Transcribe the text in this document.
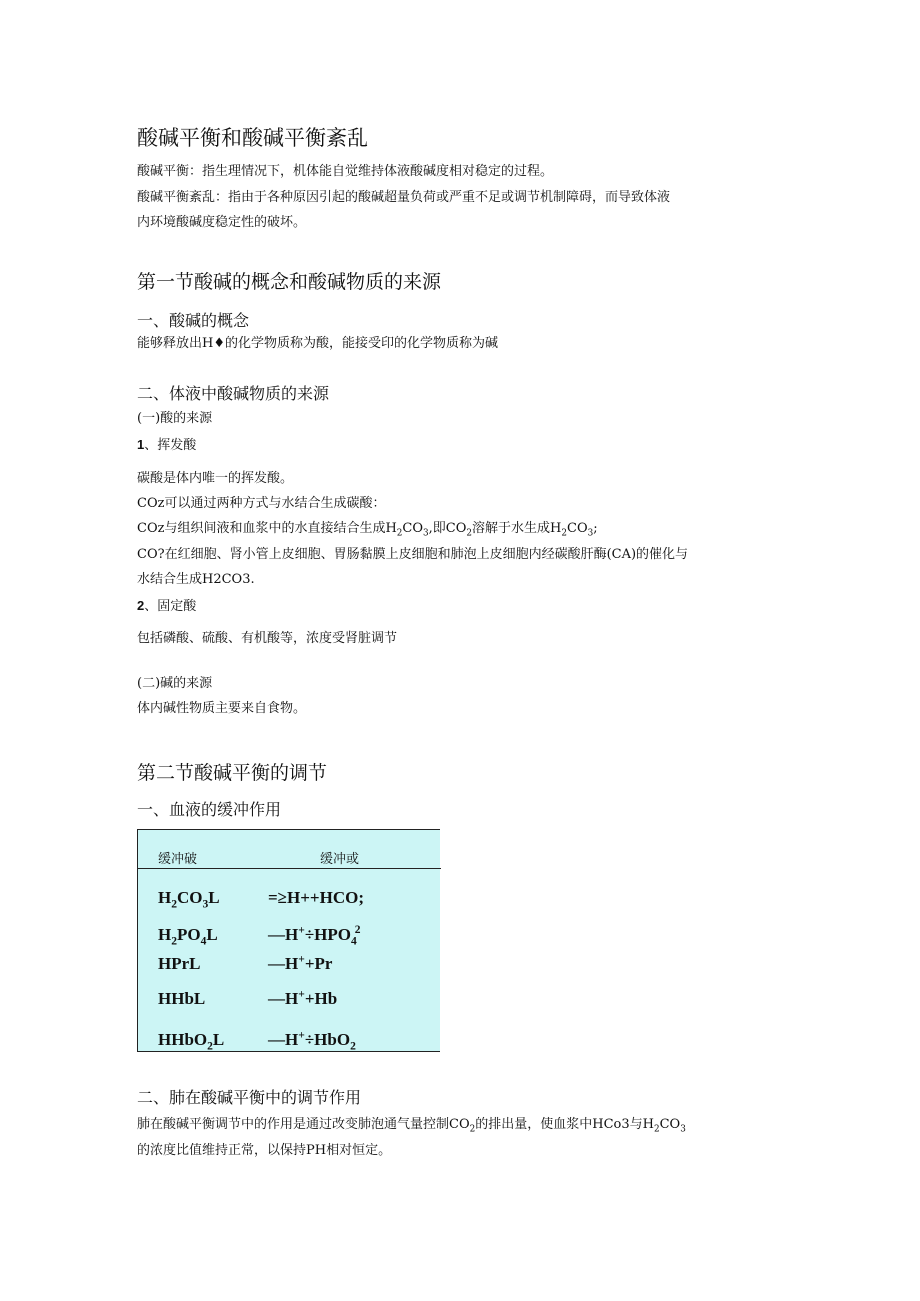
酸碱平衡和酸碱平衡紊乱
酸碱平衡：指生理情况下，机体能自觉维持体液酸碱度相对稳定的过程。
酸碱平衡紊乱：指由于各种原因引起的酸碱超量负荷或严重不足或调节机制障碍，而导致体液
内环境酸碱度稳定性的破坏。
第一节酸碱的概念和酸碱物质的来源
一、酸碱的概念
能够释放出H♦的化学物质称为酸，能接受印的化学物质称为碱
二、体液中酸碱物质的来源
(一)酸的来源
1、挥发酸
碳酸是体内唯一的挥发酸。
COz可以通过两种方式与水结合生成碳酸：
COz与组织间液和血浆中的水直接结合生成$H_2CO_3$,即$CO_2$溶解于水生成$H_2CO_3$;
CO?在红细胞、肾小管上皮细胞、胃肠黏膜上皮细胞和肺泡上皮细胞内经碳酸肝酶(CA)的催化与
水结合生成H2CO3.
2、固定酸
包括磷酸、硫酸、有机酸等，浓度受肾脏调节
(二)碱的来源
体内碱性物质主要来自食物。
第二节酸碱平衡的调节
一、血液的缓冲作用
缓冲破	缓冲或
$H_2CO_3L$	=≥H++HCO;
$H_2PO_4L$	$—H^+\div HPO_4^2$
HPrL	—H++Pr
HHbL	—H++Hb
HHbO$_2$L	—H+÷HbO$_2$
二、肺在酸碱平衡中的调节作用
肺在酸碱平衡调节中的作用是通过改变肺泡通气量控制$CO_2$的排出量，使血浆中HCo3与$H_2CO_3$
的浓度比值维持正常，以保持PH相对恒定。
